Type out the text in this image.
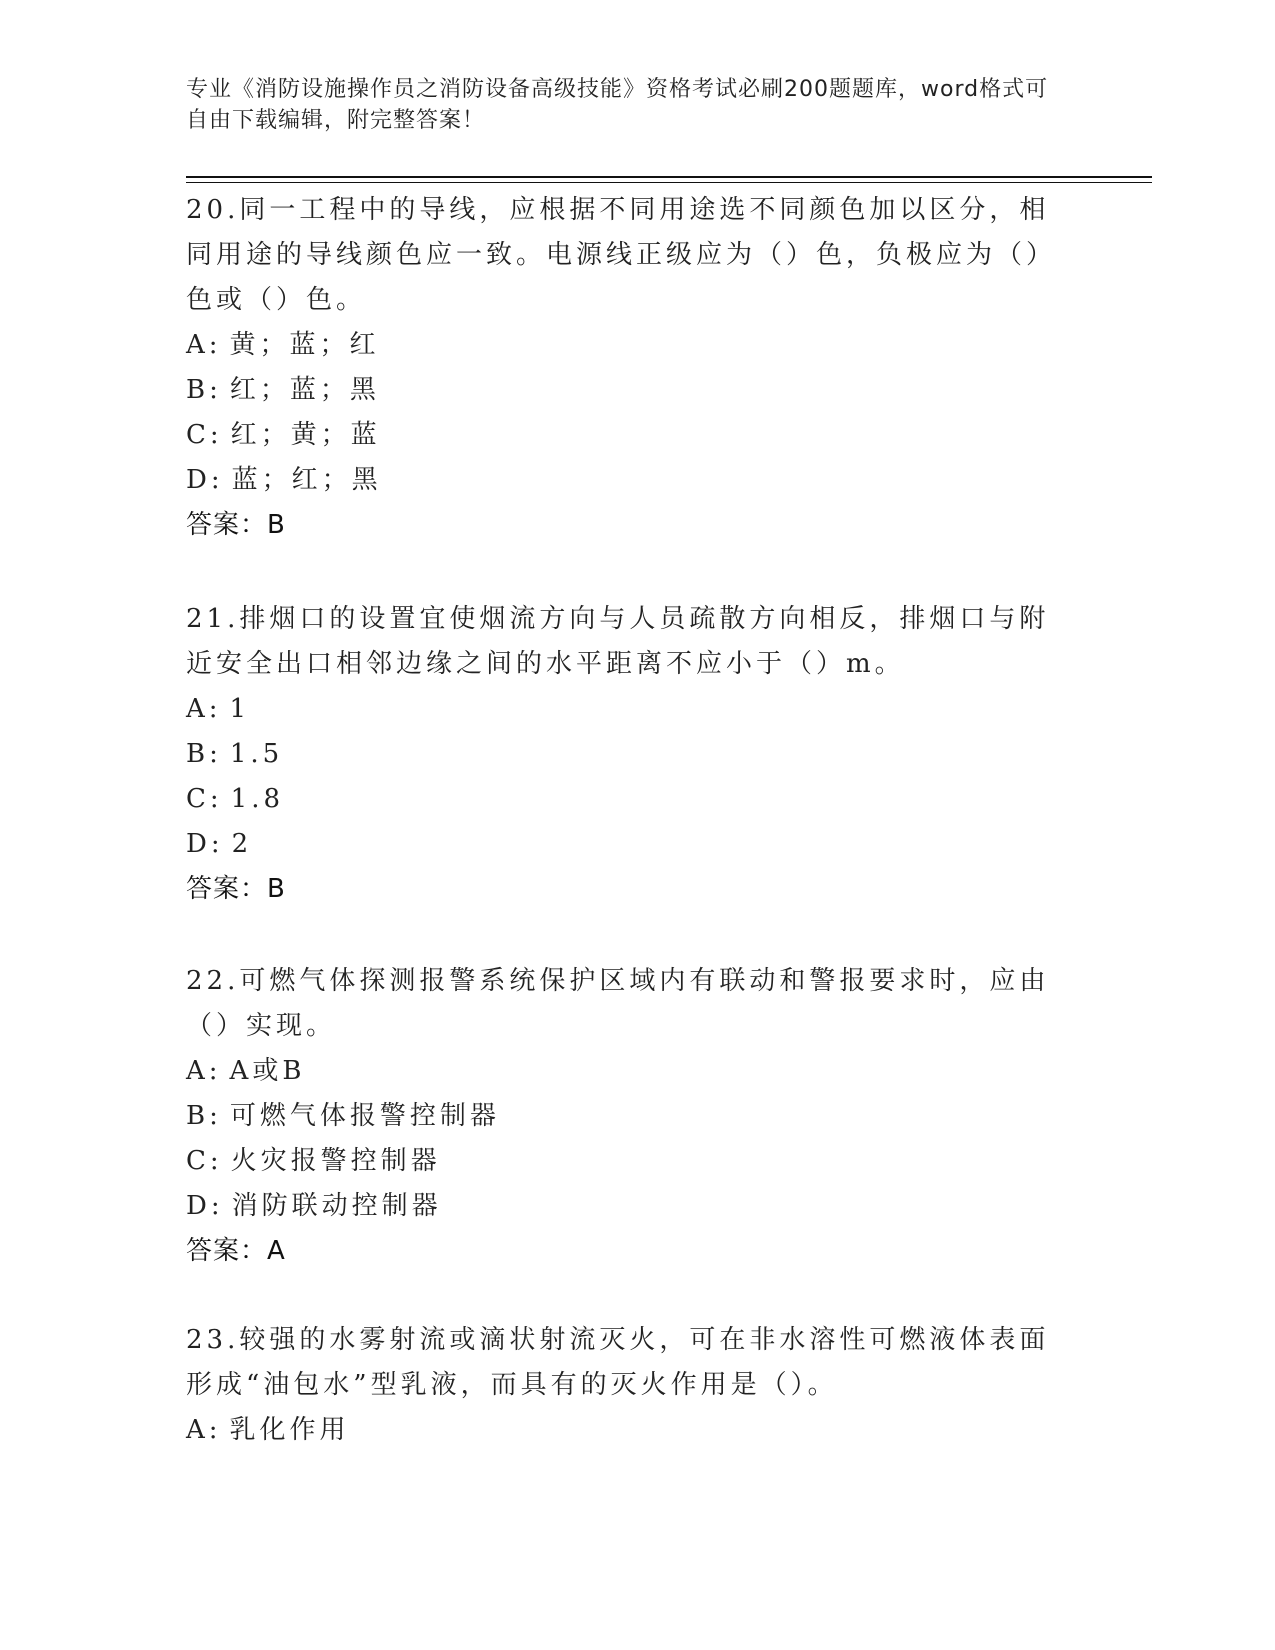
专业《消防设施操作员之消防设备高级技能》资格考试必刷200题题库，word格式可自由下载编辑，附完整答案！
20.同一工程中的导线，应根据不同用途选不同颜色加以区分，相同用途的导线颜色应一致。电源线正级应为（）色，负极应为（）色或（）色。
A: 黄；蓝；红
B: 红；蓝；黑
C: 红；黄；蓝
D: 蓝；红；黑
答案：B
21.排烟口的设置宜使烟流方向与人员疏散方向相反，排烟口与附近安全出口相邻边缘之间的水平距离不应小于（）m。
A: 1
B: 1.5
C: 1.8
D: 2
答案：B
22.可燃气体探测报警系统保护区域内有联动和警报要求时，应由（）实现。
A: A或B
B: 可燃气体报警控制器
C: 火灾报警控制器
D: 消防联动控制器
答案：A
23.较强的水雾射流或滴状射流灭火，可在非水溶性可燃液体表面形成“油包水”型乳液，而具有的灭火作用是（）。
A: 乳化作用
